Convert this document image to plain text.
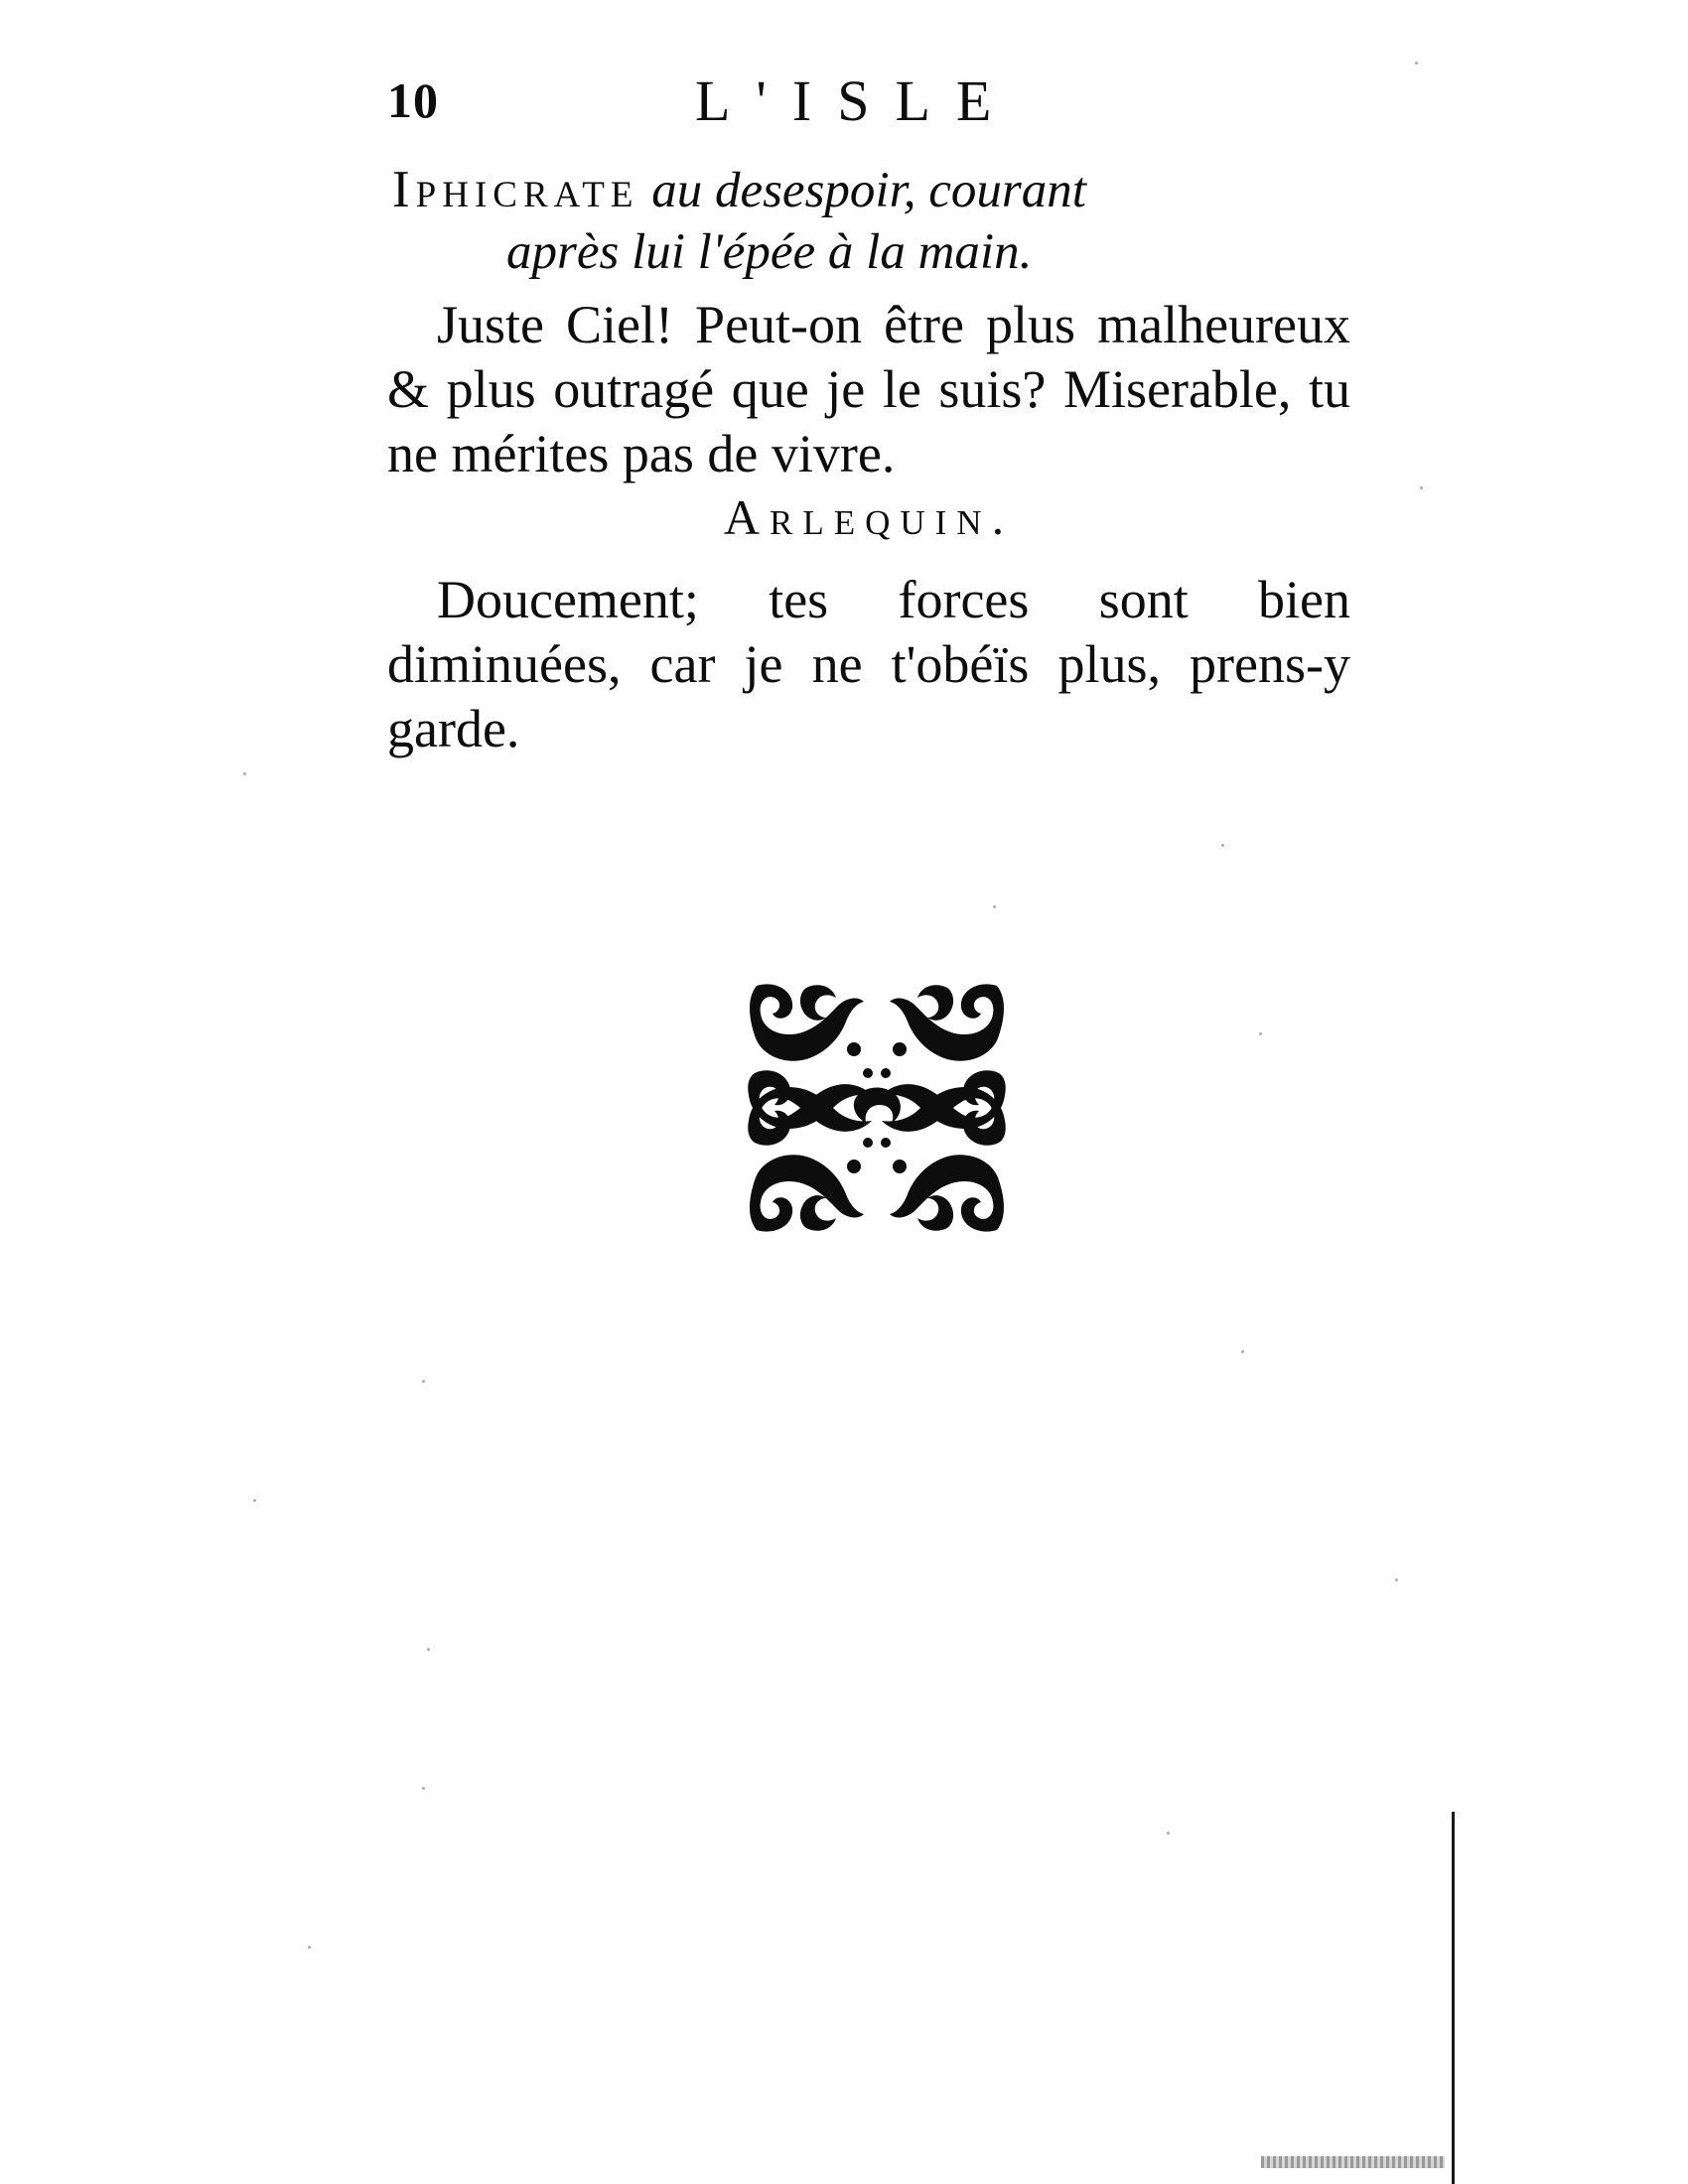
10	L'ISLE
Iphicrate au desespoir, courant
après lui l'épée à la main.
Juste Ciel! Peut-on être plus malheureux & plus outragé que je le suis? Miserable, tu ne mérites pas de vivre.
Arlequin.
Doucement; tes forces sont bien diminuées, car je ne t'obéïs plus, prens-y garde.
